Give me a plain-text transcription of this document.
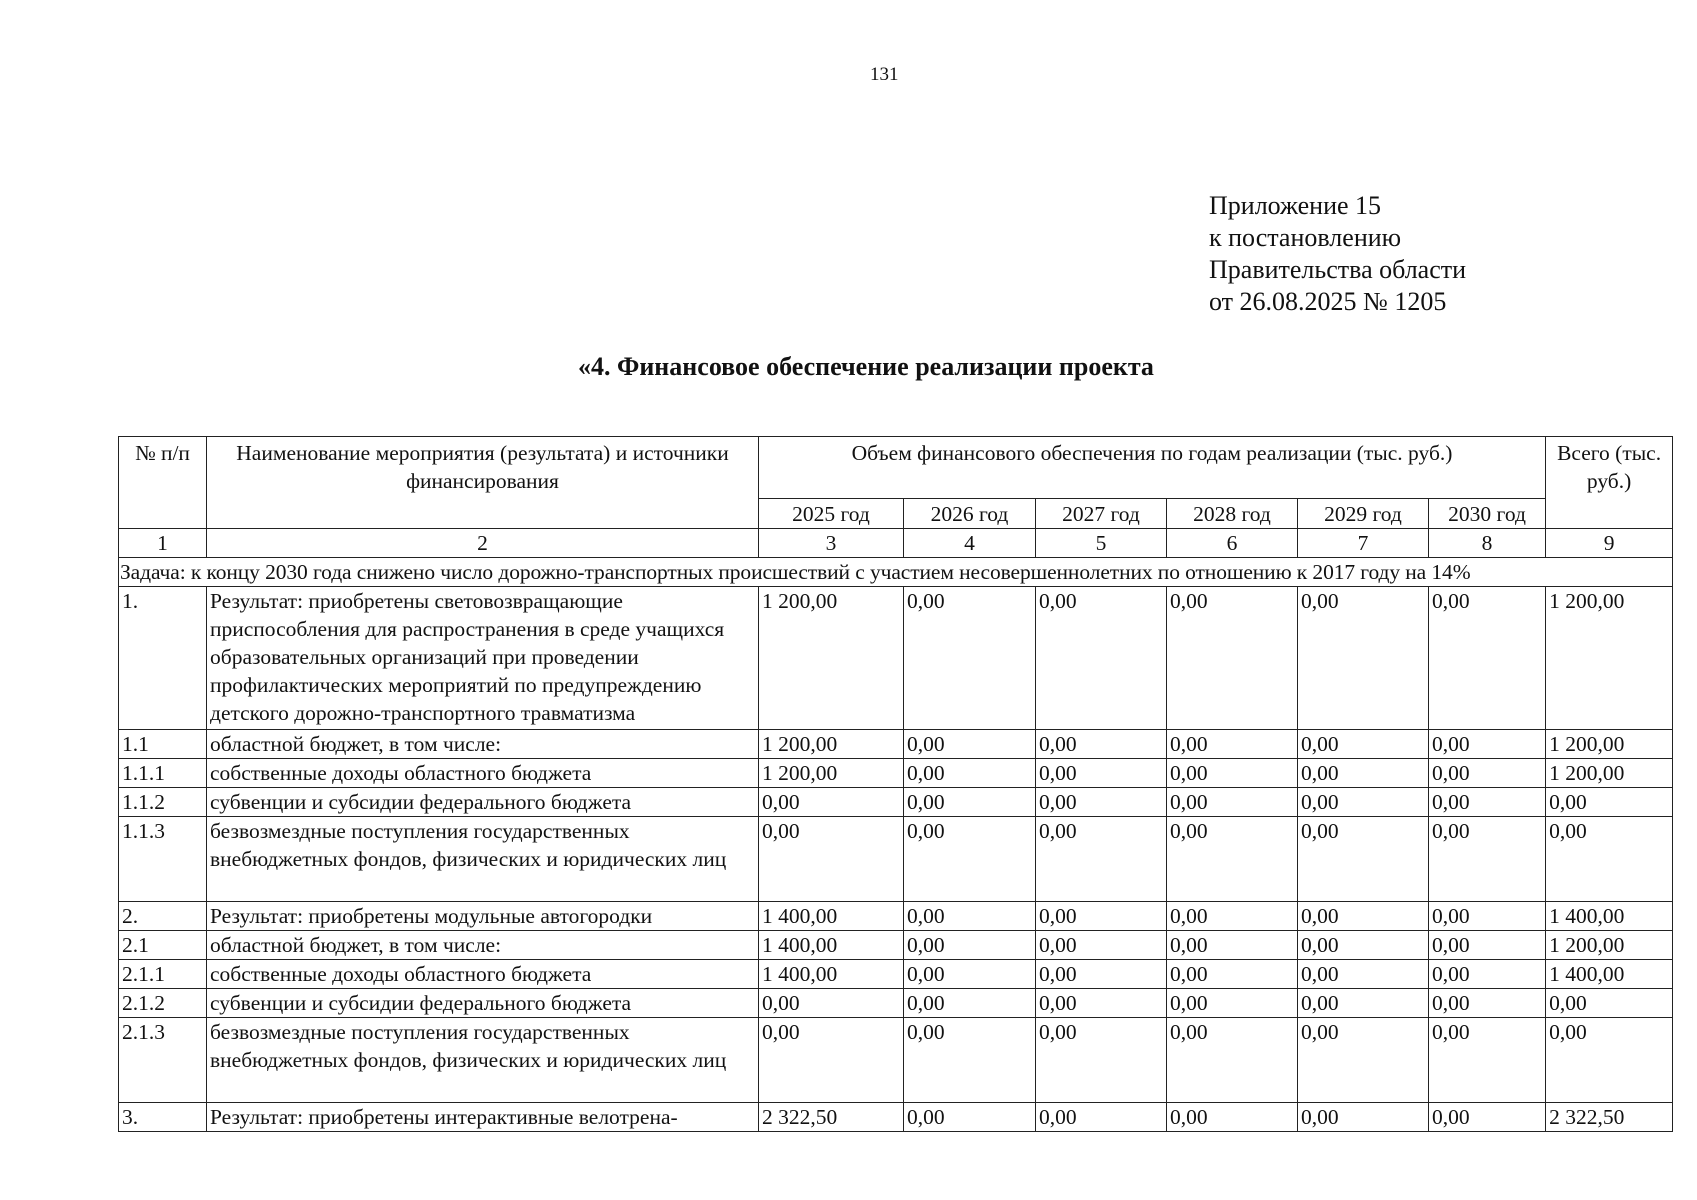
131
Приложение 15
к постановлению
Правительства области
от 26.08.2025 № 1205
«4. Финансовое обеспечение реализации проекта
№ п/п	Наименование мероприятия (результата) и источники финансирования	Объем финансового обеспечения по годам реализации (тыс. руб.)						Всего (тыс. руб.)
		2025 год	2026 год	2027 год	2028 год	2029 год	2030 год	
1	2	3	4	5	6	7	8	9
Задача: к концу 2030 года снижено число дорожно-транспортных происшествий с участием несовершеннолетних по отношению к 2017 году на 14%								
1.	Результат: приобретены световозвращающие приспособления для распространения в среде учащихся образовательных организаций при проведении профилактических мероприятий по предупреждению детского дорожно-транспортного травматизма	1 200,00	0,00	0,00	0,00	0,00	0,00	1 200,00
1.1	областной бюджет, в том числе:	1 200,00	0,00	0,00	0,00	0,00	0,00	1 200,00
1.1.1	собственные доходы областного бюджета	1 200,00	0,00	0,00	0,00	0,00	0,00	1 200,00
1.1.2	субвенции и субсидии федерального бюджета	0,00	0,00	0,00	0,00	0,00	0,00	0,00
1.1.3	безвозмездные поступления государственных внебюджетных фондов, физических и юридических лиц	0,00	0,00	0,00	0,00	0,00	0,00	0,00
2.	Результат: приобретены модульные автогородки	1 400,00	0,00	0,00	0,00	0,00	0,00	1 400,00
2.1	областной бюджет, в том числе:	1 400,00	0,00	0,00	0,00	0,00	0,00	1 200,00
2.1.1	собственные доходы областного бюджета	1 400,00	0,00	0,00	0,00	0,00	0,00	1 400,00
2.1.2	субвенции и субсидии федерального бюджета	0,00	0,00	0,00	0,00	0,00	0,00	0,00
2.1.3	безвозмездные поступления государственных внебюджетных фондов, физических и юридических лиц	0,00	0,00	0,00	0,00	0,00	0,00	0,00
3.	Результат: приобретены интерактивные велотрена-	2 322,50	0,00	0,00	0,00	0,00	0,00	2 322,50
